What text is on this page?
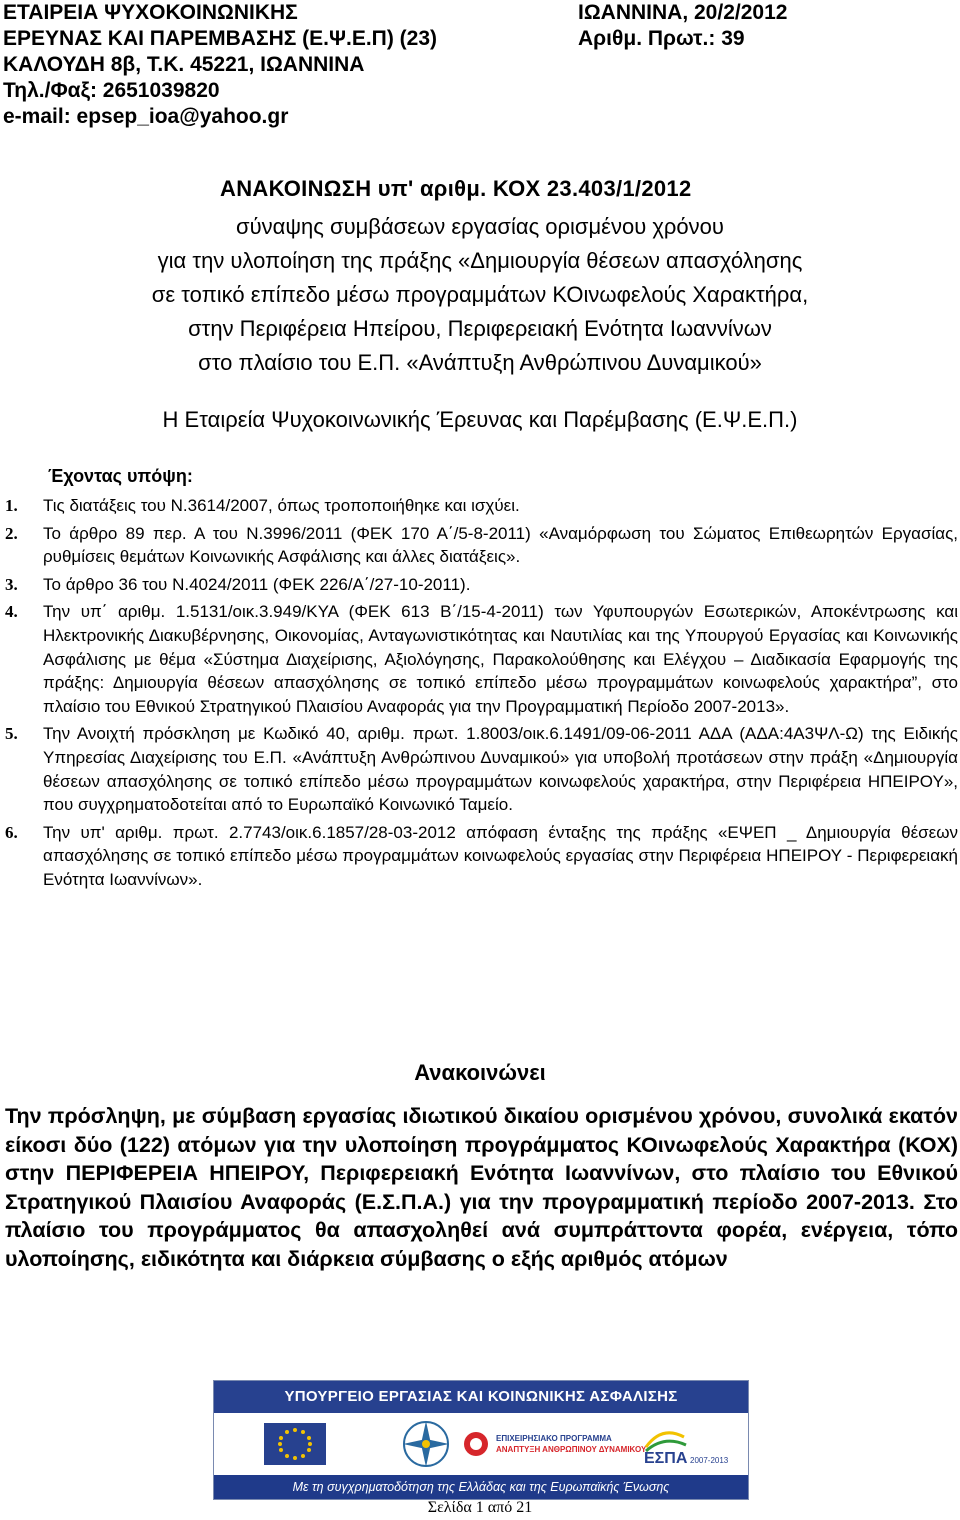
ΕΤΑΙΡΕΙΑ ΨΥΧΟΚΟΙΝΩΝΙΚΗΣ
ΕΡΕΥΝΑΣ ΚΑΙ ΠΑΡΕΜΒΑΣΗΣ (Ε.Ψ.Ε.Π) (23)
ΚΑΛΟΥΔΗ 8β, Τ.Κ. 45221, ΙΩΑΝΝΙΝΑ
Τηλ./Φαξ: 2651039820
e-mail: epsep_ioa@yahoo.gr
ΙΩΑΝΝΙΝΑ, 20/2/2012
Αριθμ. Πρωτ.: 39
ΑΝΑΚΟΙΝΩΣΗ υπ' αριθμ. ΚΟΧ 23.403/1/2012
σύναψης συμβάσεων εργασίας ορισμένου χρόνου
για την υλοποίηση της πράξης «Δημιουργία θέσεων απασχόλησης
σε τοπικό επίπεδο μέσω προγραμμάτων ΚΟινωφελούς Χαρακτήρα,
στην Περιφέρεια Ηπείρου, Περιφερειακή Ενότητα Ιωαννίνων
στο πλαίσιο του Ε.Π. «Ανάπτυξη Ανθρώπινου Δυναμικού»
Η Εταιρεία Ψυχοκοινωνικής Έρευνας και Παρέμβασης (Ε.Ψ.Ε.Π.)
Έχοντας υπόψη:
1.	Τις διατάξεις του Ν.3614/2007, όπως τροποποιήθηκε και ισχύει.
2.	Το άρθρο 89 περ. Α του Ν.3996/2011 (ΦΕΚ 170 Α΄/5-8-2011) «Αναμόρφωση του Σώματος Επιθεωρητών Εργασίας, ρυθμίσεις θεμάτων Κοινωνικής Ασφάλισης και άλλες διατάξεις».
3.	Το άρθρο 36 του Ν.4024/2011 (ΦΕΚ 226/Α΄/27-10-2011).
4.	Την υπ΄ αριθμ. 1.5131/οικ.3.949/ΚΥΑ (ΦΕΚ 613 Β΄/15-4-2011) των Υφυπουργών Εσωτερικών, Αποκέντρωσης και Ηλεκτρονικής Διακυβέρνησης, Οικονομίας, Ανταγωνιστικότητας και Ναυτιλίας και της Υπουργού Εργασίας και Κοινωνικής Ασφάλισης με θέμα «Σύστημα Διαχείρισης, Αξιολόγησης, Παρακολούθησης και Ελέγχου – Διαδικασία Εφαρμογής της πράξης: Δημιουργία θέσεων απασχόλησης σε τοπικό επίπεδο μέσω προγραμμάτων κοινωφελούς χαρακτήρα”, στο πλαίσιο του Εθνικού Στρατηγικού Πλαισίου Αναφοράς για την Προγραμματική Περίοδο 2007-2013».
5.	Την Ανοιχτή πρόσκληση με Κωδικό 40, αριθμ. πρωτ. 1.8003/οικ.6.1491/09-06-2011 ΑΔΑ (ΑΔΑ:4Α3ΨΛ-Ω) της Ειδικής Υπηρεσίας Διαχείρισης του Ε.Π. «Ανάπτυξη Ανθρώπινου Δυναμικού» για υποβολή προτάσεων στην πράξη «Δημιουργία θέσεων απασχόλησης σε τοπικό επίπεδο μέσω προγραμμάτων κοινωφελούς χαρακτήρα, στην Περιφέρεια ΗΠΕΙΡΟΥ», που συγχρηματοδοτείται από το Ευρωπαϊκό Κοινωνικό Ταμείο.
6.	Την υπ' αριθμ. πρωτ. 2.7743/οικ.6.1857/28-03-2012 απόφαση ένταξης της πράξης «ΕΨΕΠ _ Δημιουργία θέσεων απασχόλησης σε τοπικό επίπεδο μέσω προγραμμάτων κοινωφελούς εργασίας στην Περιφέρεια ΗΠΕΙΡΟΥ - Περιφερειακή Ενότητα Ιωαννίνων».
Ανακοινώνει
Την πρόσληψη, με σύμβαση εργασίας ιδιωτικού δικαίου ορισμένου χρόνου, συνολικά εκατόν είκοσι δύο (122) ατόμων για την υλοποίηση προγράμματος ΚΟινωφελούς Χαρακτήρα (ΚΟΧ) στην ΠΕΡΙΦΕΡΕΙΑ ΗΠΕΙΡΟΥ, Περιφερειακή Ενότητα Ιωαννίνων, στο πλαίσιο του Εθνικού Στρατηγικού Πλαισίου Αναφοράς (Ε.Σ.Π.Α.) για την προγραμματική περίοδο 2007-2013. Στο πλαίσιο του προγράμματος θα απασχοληθεί ανά συμπράττοντα φορέα, ενέργεια, τόπο υλοποίησης, ειδικότητα και διάρκεια σύμβασης ο εξής αριθμός ατόμων
ΥΠΟΥΡΓΕΙΟ ΕΡΓΑΣΙΑΣ ΚΑΙ ΚΟΙΝΩΝΙΚΗΣ ΑΣΦΑΛΙΣΗΣ
ΕΠΙΧΕΙΡΗΣΙΑΚΟ ΠΡΟΓΡΑΜΜΑ
ΑΝΑΠΤΥΞΗ ΑΝΘΡΩΠΙΝΟΥ ΔΥΝΑΜΙΚΟΥ
ΕΣΠΑ 2007-2013
Με τη συγχρηματοδότηση της Ελλάδας και της Ευρωπαϊκής Ένωσης
Σελίδα 1 από 21
